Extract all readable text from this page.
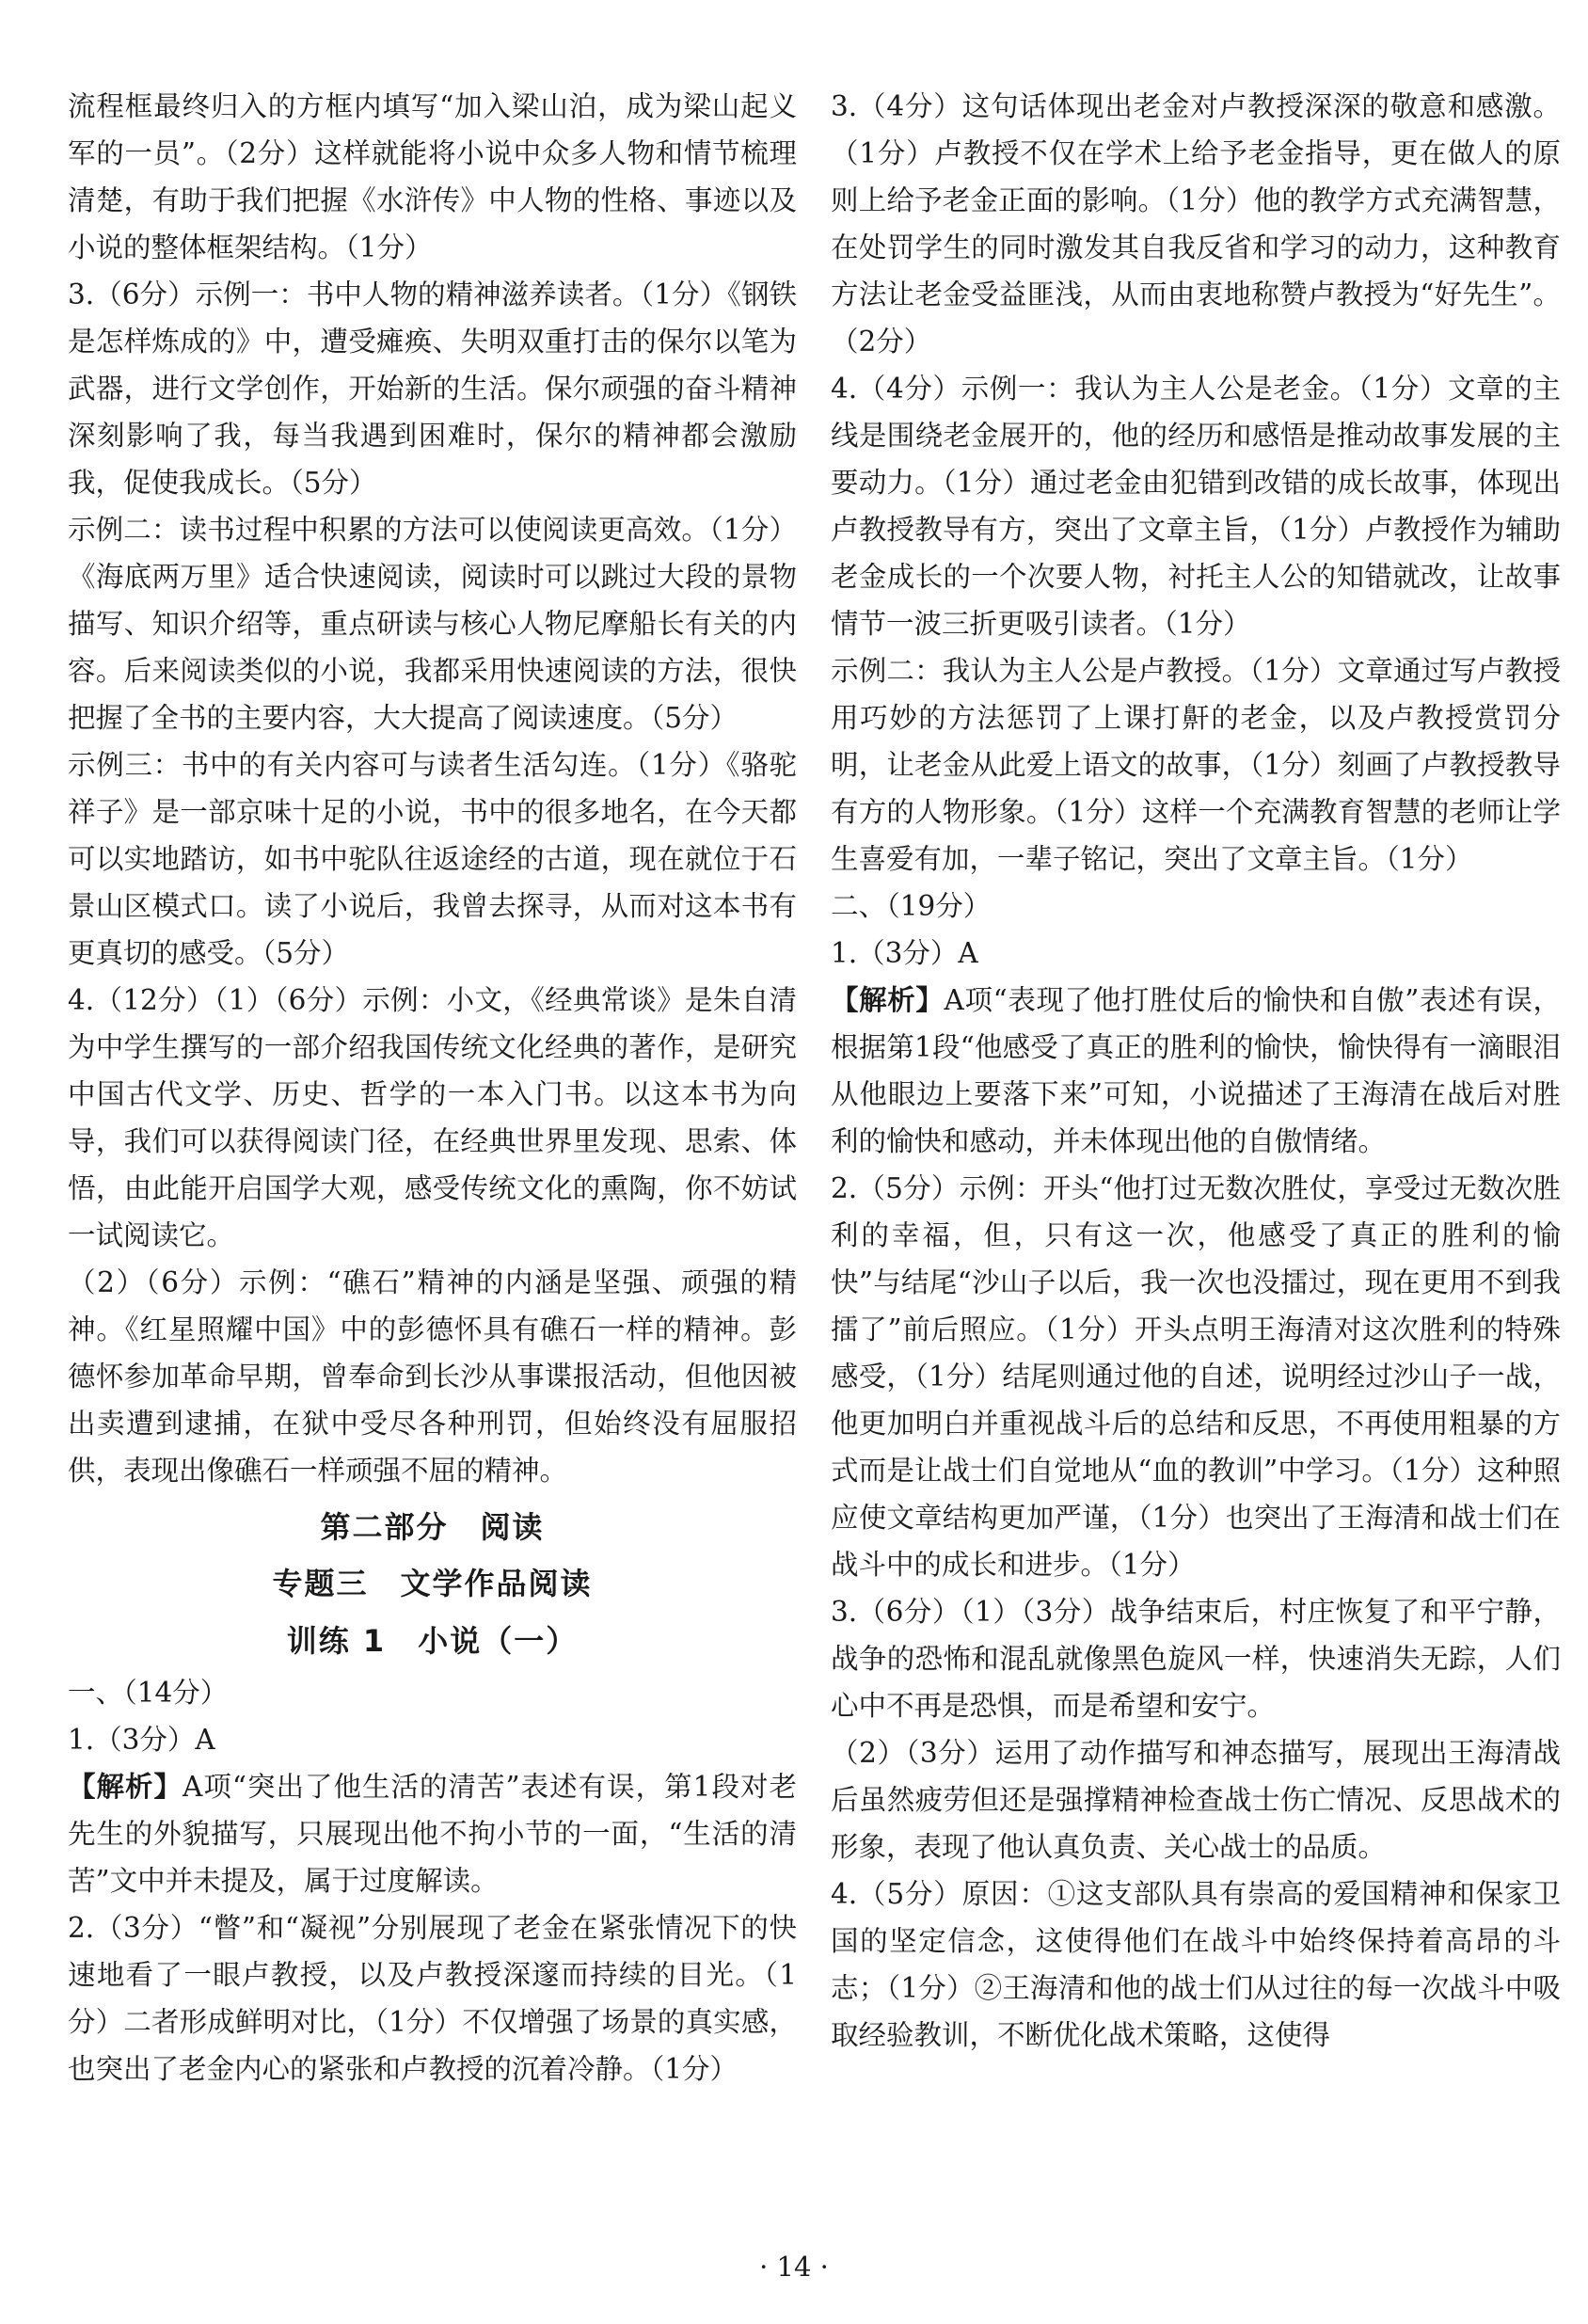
流程框最终归入的方框内填写“加入梁山泊，成为梁山起义军的一员”。（2分）这样就能将小说中众多人物和情节梳理清楚，有助于我们把握《水浒传》中人物的性格、事迹以及小说的整体框架结构。（1分）

3.（6分）示例一：书中人物的精神滋养读者。（1分）《钢铁是怎样炼成的》中，遭受瘫痪、失明双重打击的保尔以笔为武器，进行文学创作，开始新的生活。保尔顽强的奋斗精神深刻影响了我，每当我遇到困难时，保尔的精神都会激励我，促使我成长。（5分）

示例二：读书过程中积累的方法可以使阅读更高效。（1分）《海底两万里》适合快速阅读，阅读时可以跳过大段的景物描写、知识介绍等，重点研读与核心人物尼摩船长有关的内容。后来阅读类似的小说，我都采用快速阅读的方法，很快把握了全书的主要内容，大大提高了阅读速度。（5分）

示例三：书中的有关内容可与读者生活勾连。（1分）《骆驼祥子》是一部京味十足的小说，书中的很多地名，在今天都可以实地踏访，如书中驼队往返途经的古道，现在就位于石景山区模式口。读了小说后，我曾去探寻，从而对这本书有更真切的感受。（5分）

4.（12分）（1）（6分）示例：小文，《经典常谈》是朱自清为中学生撰写的一部介绍我国传统文化经典的著作，是研究中国古代文学、历史、哲学的一本入门书。以这本书为向导，我们可以获得阅读门径，在经典世界里发现、思索、体悟，由此能开启国学大观，感受传统文化的熏陶，你不妨试一试阅读它。

（2）（6分）示例：“礁石”精神的内涵是坚强、顽强的精神。《红星照耀中国》中的彭德怀具有礁石一样的精神。彭德怀参加革命早期，曾奉命到长沙从事谍报活动，但他因被出卖遭到逮捕，在狱中受尽各种刑罚，但始终没有屈服招供，表现出像礁石一样顽强不屈的精神。

第二部分　阅读
专题三　文学作品阅读
训练 1　小说（一）

一、（14分）

1.（3分）A

【解析】A项“突出了他生活的清苦”表述有误，第1段对老先生的外貌描写，只展现出他不拘小节的一面，“生活的清苦”文中并未提及，属于过度解读。

2.（3分）“瞥”和“凝视”分别展现了老金在紧张情况下的快速地看了一眼卢教授，以及卢教授深邃而持续的目光。（1分）二者形成鲜明对比，（1分）不仅增强了场景的真实感，也突出了老金内心的紧张和卢教授的沉着冷静。（1分）

3.（4分）这句话体现出老金对卢教授深深的敬意和感激。（1分）卢教授不仅在学术上给予老金指导，更在做人的原则上给予老金正面的影响。（1分）他的教学方式充满智慧，在处罚学生的同时激发其自我反省和学习的动力，这种教育方法让老金受益匪浅，从而由衷地称赞卢教授为“好先生”。（2分）

4.（4分）示例一：我认为主人公是老金。（1分）文章的主线是围绕老金展开的，他的经历和感悟是推动故事发展的主要动力。（1分）通过老金由犯错到改错的成长故事，体现出卢教授教导有方，突出了文章主旨，（1分）卢教授作为辅助老金成长的一个次要人物，衬托主人公的知错就改，让故事情节一波三折更吸引读者。（1分）

示例二：我认为主人公是卢教授。（1分）文章通过写卢教授用巧妙的方法惩罚了上课打鼾的老金，以及卢教授赏罚分明，让老金从此爱上语文的故事，（1分）刻画了卢教授教导有方的人物形象。（1分）这样一个充满教育智慧的老师让学生喜爱有加，一辈子铭记，突出了文章主旨。（1分）

二、（19分）

1.（3分）A

【解析】A项“表现了他打胜仗后的愉快和自傲”表述有误，根据第1段“他感受了真正的胜利的愉快，愉快得有一滴眼泪从他眼边上要落下来”可知，小说描述了王海清在战后对胜利的愉快和感动，并未体现出他的自傲情绪。

2.（5分）示例：开头“他打过无数次胜仗，享受过无数次胜利的幸福，但，只有这一次，他感受了真正的胜利的愉快”与结尾“沙山子以后，我一次也没擂过，现在更用不到我擂了”前后照应。（1分）开头点明王海清对这次胜利的特殊感受，（1分）结尾则通过他的自述，说明经过沙山子一战，他更加明白并重视战斗后的总结和反思，不再使用粗暴的方式而是让战士们自觉地从“血的教训”中学习。（1分）这种照应使文章结构更加严谨，（1分）也突出了王海清和战士们在战斗中的成长和进步。（1分）

3.（6分）（1）（3分）战争结束后，村庄恢复了和平宁静，战争的恐怖和混乱就像黑色旋风一样，快速消失无踪，人们心中不再是恐惧，而是希望和安宁。

（2）（3分）运用了动作描写和神态描写，展现出王海清战后虽然疲劳但还是强撑精神检查战士伤亡情况、反思战术的形象，表现了他认真负责、关心战士的品质。

4.（5分）原因：①这支部队具有崇高的爱国精神和保家卫国的坚定信念，这使得他们在战斗中始终保持着高昂的斗志；（1分）②王海清和他的战士们从过往的每一次战斗中吸取经验教训，不断优化战术策略，这使得

· 14 ·
